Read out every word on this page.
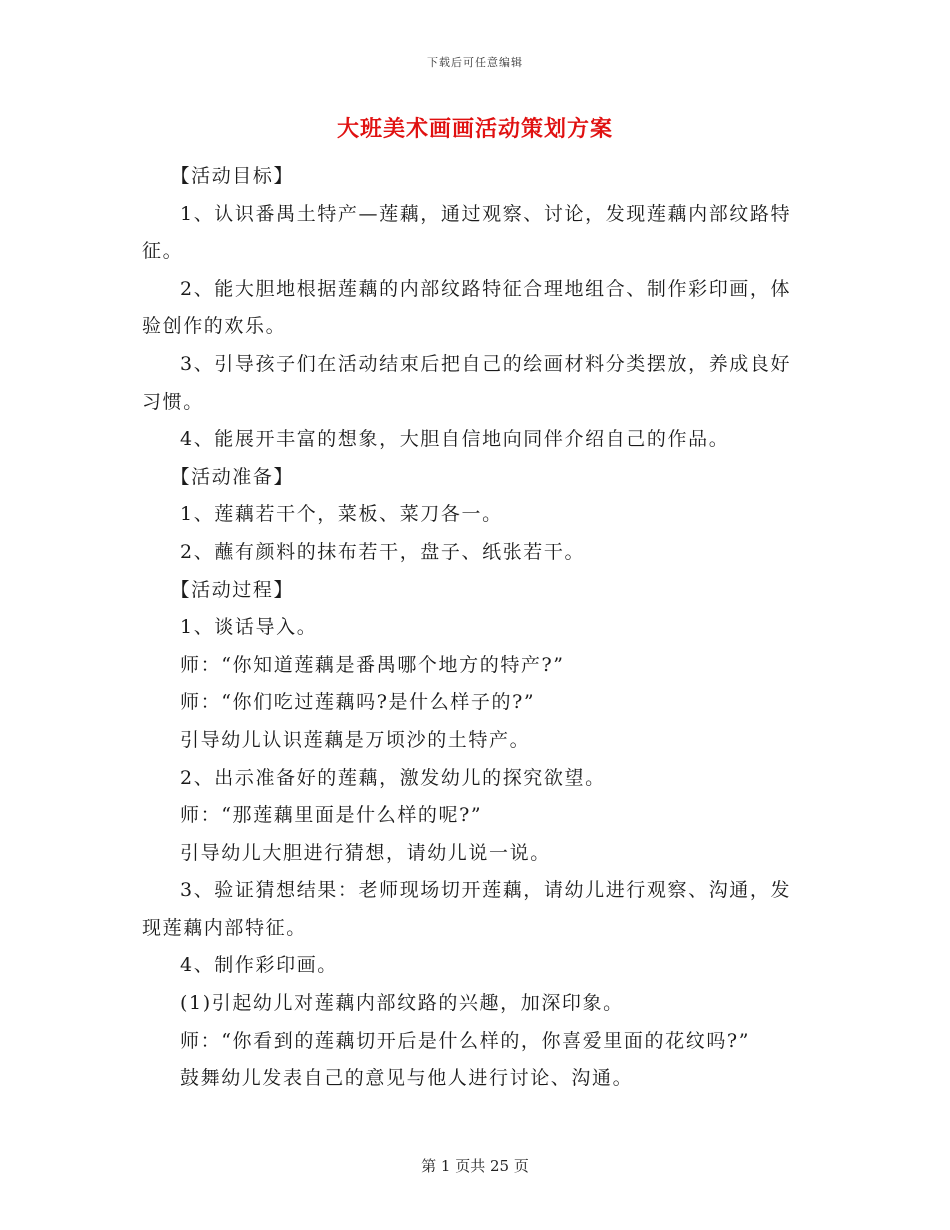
下载后可任意编辑
大班美术画画活动策划方案

【活动目标】

1、认识番禺土特产—莲藕，通过观察、讨论，发现莲藕内部纹路特征。

2、能大胆地根据莲藕的内部纹路特征合理地组合、制作彩印画，体验创作的欢乐。

3、引导孩子们在活动结束后把自己的绘画材料分类摆放，养成良好习惯。

4、能展开丰富的想象，大胆自信地向同伴介绍自己的作品。

【活动准备】

1、莲藕若干个，菜板、菜刀各一。

2、蘸有颜料的抹布若干，盘子、纸张若干。

【活动过程】

1、谈话导入。

师：“你知道莲藕是番禺哪个地方的特产?”

师：“你们吃过莲藕吗?是什么样子的?”

引导幼儿认识莲藕是万顷沙的土特产。

2、出示准备好的莲藕，激发幼儿的探究欲望。

师：“那莲藕里面是什么样的呢?”

引导幼儿大胆进行猜想，请幼儿说一说。

3、验证猜想结果：老师现场切开莲藕，请幼儿进行观察、沟通，发现莲藕内部特征。

4、制作彩印画。

(1)引起幼儿对莲藕内部纹路的兴趣，加深印象。

师：“你看到的莲藕切开后是什么样的，你喜爱里面的花纹吗?”

鼓舞幼儿发表自己的意见与他人进行讨论、沟通。

第 1 页共 25 页
